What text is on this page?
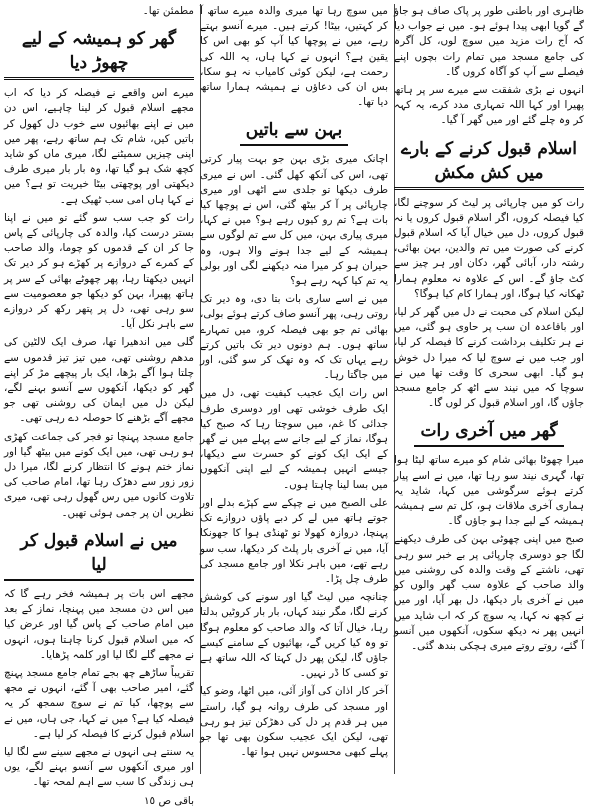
ظاہری اور باطنی طور پر پاک صاف ہو جاؤ گے گویا ابھی پیدا ہوئے ہو۔ میں نے جواب دیا کہ آج رات مزید میں سوچ لوں، کل آگرہ کی جامع مسجد میں تمام رات بچوں اپنے فیصلے سے آپ کو آگاہ کروں گا۔

انہوں نے بڑی شفقت سے میرے سر پر ہاتھ پھیرا اور کہا اللہ تمہاری مدد کرے، یہ کہہ کر وہ چلے گئے اور میں گھر آ گیا۔

اسلام قبول کرنے کے بارے میں کش مکش

رات کو میں چارپائی پر لیٹ کر سوچنے لگا، کیا فیصلہ کروں، اگر اسلام قبول کروں یا نہ قبول کروں، دل میں خیال آیا کہ اسلام قبول کرنے کی صورت میں تم والدین، بہن بھائی، رشتہ دار، آبائی گھر، دکان اور ہر چیز سے کٹ جاؤ گے۔ اس کے علاوہ نہ معلوم ہمارا ٹھکانہ کیا ہوگا، اور ہمارا کام کیا ہوگا؟

لیکن اسلام کی محبت نے دل میں گھر کر لیا، اور باقاعدہ ان سب پر حاوی ہو گئی، میں نے ہر تکلیف برداشت کرنے کا فیصلہ کر لیا، اور جب میں نے سوچ لیا کہ میرا دل خوش ہو گیا۔ ابھی سحری کا وقت تھا میں نے سوچا کہ میں نیند سے اٹھ کر جامع مسجد جاؤں گا، اور اسلام قبول کر لوں گا۔

گھر میں آخری رات

میرا چھوٹا بھائی شام کو میرے ساتھ لیٹا ہوا تھا، گہری نیند سو رہا تھا، میں نے اسے پیار کرتے ہوئے سرگوشی میں کہا، شاید یہ ہماری آخری ملاقات ہو، کل تم سے ہمیشہ ہمیشہ کے لیے جدا ہو جاؤں گا۔

صبح میں اپنی چھوٹی بہن کی طرف دیکھنے لگا جو دوسری چارپائی پر بے خبر سو رہی تھی، ناشتے کے وقت والدہ کی روشنی میں والد صاحب کے علاوہ سب گھر والوں کو میں نے آخری بار دیکھا، دل بھر آیا، اور میں نے کچھ نہ کہا، یہ سوچ کر کہ اب شاید میں انہیں پھر نہ دیکھ سکوں، آنکھوں میں آنسو آ گئے، روتے روتے میری ہچکی بندھ گئی۔

میں سوچ رہا تھا میری والدہ میرے ساتھ آ کر کہتیں، بیٹا! کرتے ہیں۔ میرے آنسو بہتے رہے، میں نے پوچھا کیا آپ کو بھی اس کا یقین ہے؟ انہوں نے کہا ہاں، یہ اللہ کی رحمت ہے، لیکن کوئی کامیاب نہ ہو سکا، بس ان کی دعاؤں نے ہمیشہ ہمارا ساتھ دیا تھا۔

بہن سے باتیں

اچانک میری بڑی بہن جو بہت پیار کرتی تھی، اس کی آنکھ کھل گئی۔ اس نے میری طرف دیکھا تو جلدی سے اٹھی اور میری چارپائی پر آ کر بیٹھ گئی، اس نے پوچھا کیا بات ہے؟ تم رو کیوں رہے ہو؟ میں نے کہا، میری پیاری بہن، میں کل سے تم لوگوں سے ہمیشہ کے لیے جدا ہونے والا ہوں، وہ حیران ہو کر میرا منہ دیکھنے لگی اور بولی یہ تم کیا کہہ رہے ہو؟

میں نے اسے ساری بات بتا دی، وہ دیر تک روتی رہی، پھر آنسو صاف کرتے ہوئے بولی، بھائی تم جو بھی فیصلہ کرو، میں تمہارے ساتھ ہوں۔ ہم دونوں دیر تک باتیں کرتے رہے یہاں تک کہ وہ تھک کر سو گئی، اور میں جاگتا رہا۔

اس رات ایک عجیب کیفیت تھی، دل میں ایک طرف خوشی تھی اور دوسری طرف جدائی کا غم، میں سوچتا رہا کہ صبح کیا ہوگا، نماز کے لیے جانے سے پہلے میں نے گھر کے ایک ایک کونے کو حسرت سے دیکھا، جیسے انہیں ہمیشہ کے لیے اپنی آنکھوں میں بسا لینا چاہتا ہوں۔

علی الصبح میں نے چپکے سے کپڑے بدلے اور جوتے ہاتھ میں لے کر دبے پاؤں دروازے تک پہنچا، دروازہ کھولا تو ٹھنڈی ہوا کا جھونکا آیا، میں نے آخری بار پلٹ کر دیکھا، سب سو رہے تھے، میں باہر نکلا اور جامع مسجد کی طرف چل پڑا۔

چنانچہ میں لیٹ گیا اور سونے کی کوشش کرنے لگا، مگر نیند کہاں، بار بار کروٹیں بدلتا رہا، خیال آتا کہ والد صاحب کو معلوم ہوگا تو وہ کیا کریں گے، بھائیوں کے سامنے کیسے جاؤں گا، لیکن پھر دل کہتا کہ اللہ ساتھ ہے تو کسی کا ڈر نہیں۔

آخر کار اذان کی آواز آئی، میں اٹھا، وضو کیا اور مسجد کی طرف روانہ ہو گیا، راستے میں ہر قدم پر دل کی دھڑکن تیز ہو رہی تھی، لیکن ایک عجیب سکون بھی تھا جو پہلے کبھی محسوس نہیں ہوا تھا۔

مطمئن تھا۔

گھر کو ہمیشہ کے لیے چھوڑ دیا

میرے اس واقعے نے فیصلہ کر دیا کہ اب مجھے اسلام قبول کر لینا چاہیے، اس دن میں نے اپنے بھائیوں سے خوب دل کھول کر باتیں کیں، شام تک ہم ساتھ رہے، پھر میں اپنی چیزیں سمیٹنے لگا، میری ماں کو شاید کچھ شک ہو گیا تھا، وہ بار بار میری طرف دیکھتی اور پوچھتی بیٹا خیریت تو ہے؟ میں نے کہا ہاں امی سب ٹھیک ہے۔

رات کو جب سب سو گئے تو میں نے اپنا بستر درست کیا، والدہ کی چارپائی کے پاس جا کر ان کے قدموں کو چوما، والد صاحب کے کمرے کے دروازے پر کھڑے ہو کر دیر تک انہیں دیکھتا رہا، پھر چھوٹے بھائی کے سر پر ہاتھ پھیرا، بہن کو دیکھا جو معصومیت سے سو رہی تھی، دل پر پتھر رکھ کر دروازے سے باہر نکل آیا۔

گلی میں اندھیرا تھا، صرف ایک لالٹین کی مدھم روشنی تھی، میں تیز تیز قدموں سے چلتا ہوا آگے بڑھا، ایک بار پیچھے مڑ کر اپنے گھر کو دیکھا، آنکھوں سے آنسو بہنے لگے، لیکن دل میں ایمان کی روشنی تھی جو مجھے آگے بڑھنے کا حوصلہ دے رہی تھی۔

جامع مسجد پہنچا تو فجر کی جماعت کھڑی ہو رہی تھی، میں ایک کونے میں بیٹھ گیا اور نماز ختم ہونے کا انتظار کرنے لگا، میرا دل زور زور سے دھڑک رہا تھا، امام صاحب کی تلاوت کانوں میں رس گھول رہی تھی، میری نظریں ان پر جمی ہوئی تھیں۔

میں نے اسلام قبول کر لیا

مجھے اس بات پر ہمیشہ فخر رہے گا کہ میں اس دن مسجد میں پہنچا، نماز کے بعد میں امام صاحب کے پاس گیا اور عرض کیا کہ میں اسلام قبول کرنا چاہتا ہوں، انہوں نے مجھے گلے لگا لیا اور کلمہ پڑھایا۔

تقریباً ساڑھے چھ بجے تمام جامع مسجد پہنچ گئے، امیر صاحب بھی آ گئے، انہوں نے مجھ سے پوچھا، کیا تم نے سوچ سمجھ کر یہ فیصلہ کیا ہے؟ میں نے کہا، جی ہاں، میں نے اسلام قبول کرنے کا فیصلہ کر لیا ہے۔

یہ سنتے ہی انہوں نے مجھے سینے سے لگا لیا اور میری آنکھوں سے آنسو بہنے لگے، یوں ہی زندگی کا سب سے اہم لمحہ تھا۔

باقی ص ١٥
